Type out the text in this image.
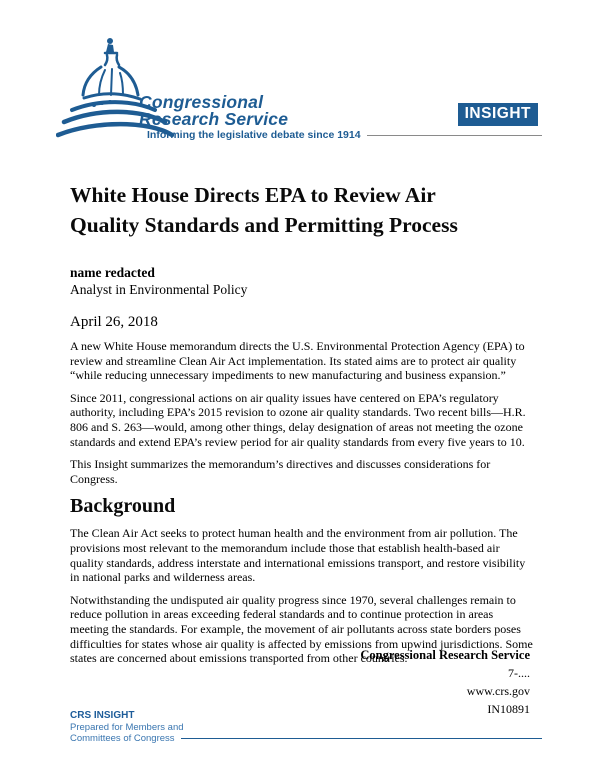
Congressional
Research Service
Informing the legislative debate since 1914
INSIGHT
White House Directs EPA to Review Air Quality Standards and Permitting Process

name redacted

Analyst in Environmental Policy

April 26, 2018

A new White House memorandum directs the U.S. Environmental Protection Agency (EPA) to review and streamline Clean Air Act implementation. Its stated aims are to protect air quality “while reducing unnecessary impediments to new manufacturing and business expansion.”

Since 2011, congressional actions on air quality issues have centered on EPA’s regulatory authority, including EPA’s 2015 revision to ozone air quality standards. Two recent bills—H.R. 806 and S. 263—would, among other things, delay designation of areas not meeting the ozone standards and extend EPA’s review period for air quality standards from every five years to 10.

This Insight summarizes the memorandum’s directives and discusses considerations for Congress.

Background

The Clean Air Act seeks to protect human health and the environment from air pollution. The provisions most relevant to the memorandum include those that establish health-based air quality standards, address interstate and international emissions transport, and restore visibility in national parks and wilderness areas.

Notwithstanding the undisputed air quality progress since 1970, several challenges remain to reduce pollution in areas exceeding federal standards and to continue protection in areas meeting the standards. For example, the movement of air pollutants across state borders poses difficulties for states whose air quality is affected by emissions from upwind jurisdictions. Some states are concerned about emissions transported from other countries.

Congressional Research Service
7-....
www.crs.gov
IN10891
CRS INSIGHT
Prepared for Members and
Committees of Congress
